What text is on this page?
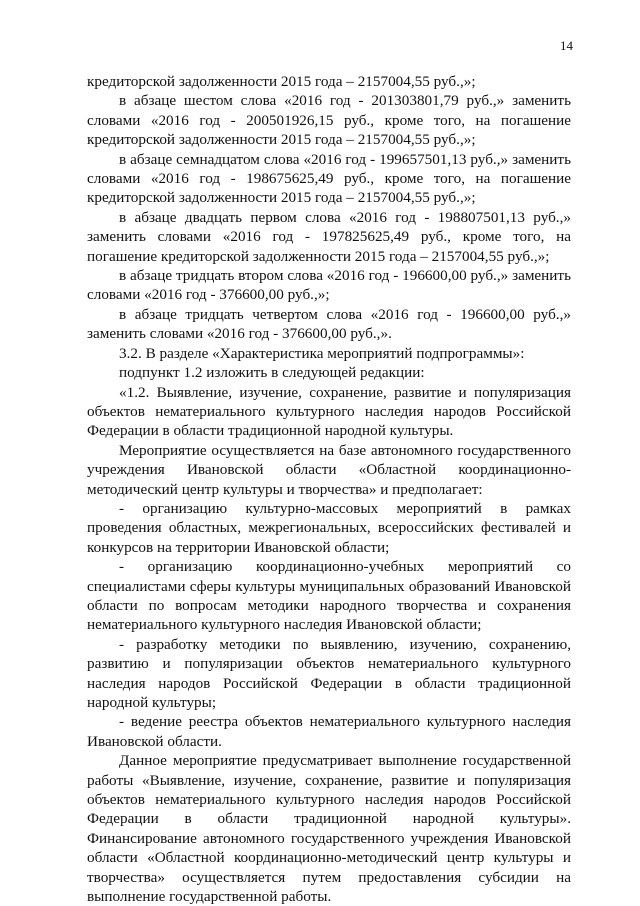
14

кредиторской задолженности 2015 года – 2157004,55 руб.,»;

в абзаце шестом слова «2016 год - 201303801,79 руб.,» заменить словами «2016 год - 200501926,15 руб., кроме того, на погашение кредиторской задолженности 2015 года – 2157004,55 руб.,»;

в абзаце семнадцатом слова «2016 год - 199657501,13 руб.,» заменить словами «2016 год - 198675625,49 руб., кроме того, на погашение кредиторской задолженности 2015 года – 2157004,55 руб.,»;

в абзаце двадцать первом слова «2016 год - 198807501,13 руб.,» заменить словами «2016 год - 197825625,49 руб., кроме того, на погашение кредиторской задолженности 2015 года – 2157004,55 руб.,»;

в абзаце тридцать втором слова «2016 год - 196600,00 руб.,» заменить словами «2016 год - 376600,00 руб.,»;

в абзаце тридцать четвертом слова «2016 год - 196600,00 руб.,» заменить словами «2016 год - 376600,00 руб.,».

3.2. В разделе «Характеристика мероприятий подпрограммы»:

подпункт 1.2 изложить в следующей редакции:

«1.2. Выявление, изучение, сохранение, развитие и популяризация объектов нематериального культурного наследия народов Российской Федерации в области традиционной народной культуры.

Мероприятие осуществляется на базе автономного государственного учреждения Ивановской области «Областной координационно-методический центр культуры и творчества» и предполагает:

- организацию культурно-массовых мероприятий в рамках проведения областных, межрегиональных, всероссийских фестивалей и конкурсов на территории Ивановской области;

- организацию координационно-учебных мероприятий со специалистами сферы культуры муниципальных образований Ивановской области по вопросам методики народного творчества и сохранения нематериального культурного наследия Ивановской области;

- разработку методики по выявлению, изучению, сохранению, развитию и популяризации объектов нематериального культурного наследия народов Российской Федерации в области традиционной народной культуры;

- ведение реестра объектов нематериального культурного наследия Ивановской области.

Данное мероприятие предусматривает выполнение государственной работы «Выявление, изучение, сохранение, развитие и популяризация объектов нематериального культурного наследия народов Российской Федерации в области традиционной народной культуры». Финансирование автономного государственного учреждения Ивановской области «Областной координационно-методический центр культуры и творчества» осуществляется путем предоставления субсидии на выполнение государственной работы.
